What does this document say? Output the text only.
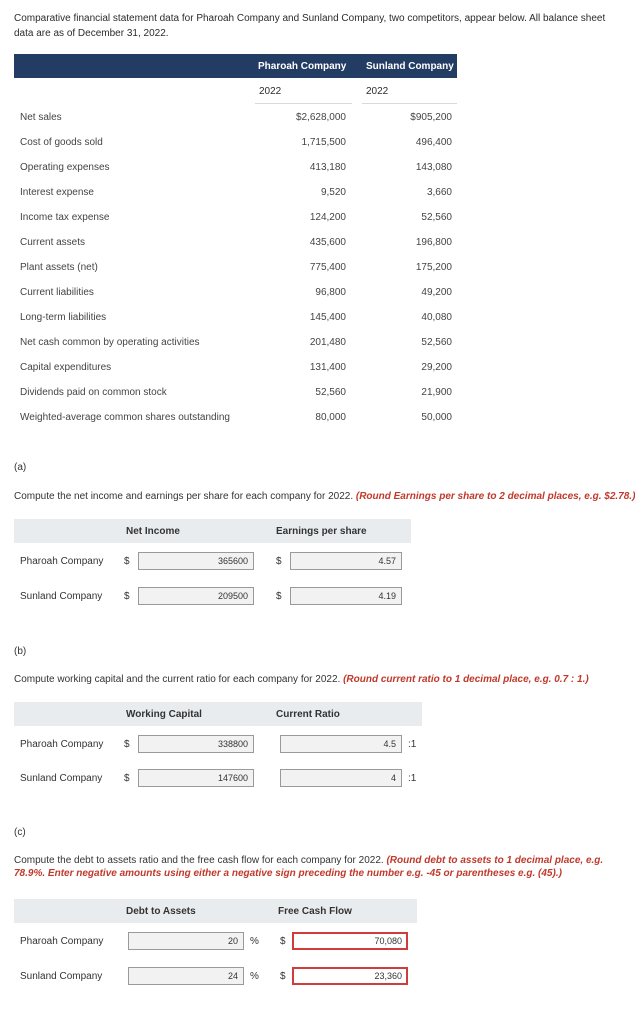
Comparative financial statement data for Pharoah Company and Sunland Company, two competitors, appear below. All balance sheet data are as of December 31, 2022.
Pharoah Company Sunland Company
2022	2022
Net sales	$2,628,000	$905,200
Cost of goods sold	1,715,500	496,400
Operating expenses	413,180	143,080
Interest expense	9,520	3,660
Income tax expense	124,200	52,560
Current assets	435,600	196,800
Plant assets (net)	775,400	175,200
Current liabilities	96,800	49,200
Long-term liabilities	145,400	40,080
Net cash common by operating activities	201,480	52,560
Capital expenditures	131,400	29,200
Dividends paid on common stock	52,560	21,900
Weighted-average common shares outstanding	80,000	50,000
(a)
Compute the net income and earnings per share for each company for 2022. (Round Earnings per share to 2 decimal places, e.g. $2.78.)
Net Income	Earnings per share
Pharoah Company $	365600	$	4.57
Sunland Company $	209500	$	4.19
(b)
Compute working capital and the current ratio for each company for 2022. (Round current ratio to 1 decimal place, e.g. 0.7 : 1.)
Working Capital	Current Ratio
Pharoah Company $	338800	4.5	:1
Sunland Company $	147600	4	:1
(c)
Compute the debt to assets ratio and the free cash flow for each company for 2022. (Round debt to assets to 1 decimal place, e.g. 78.9%. Enter negative amounts using either a negative sign preceding the number e.g. -45 or parentheses e.g. (45).)
Debt to Assets	Free Cash Flow
Pharoah Company	20	% $	70,080
Sunland Company	24	% $	23,360
